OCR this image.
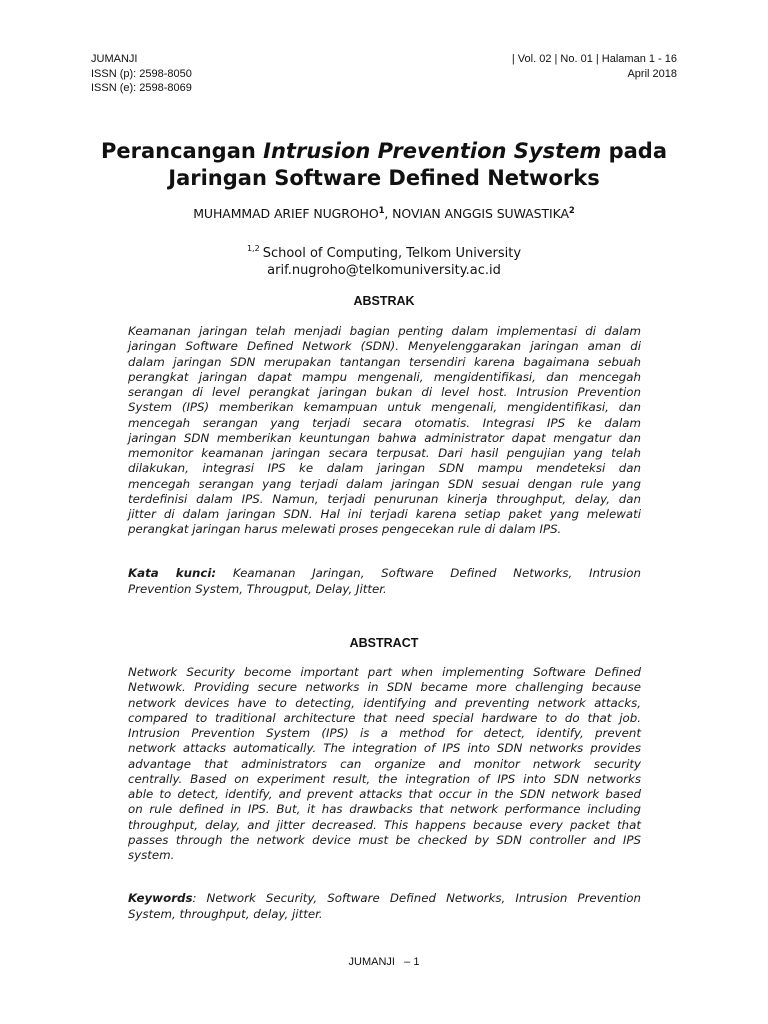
JUMANJI
ISSN (p): 2598-8050
ISSN (e): 2598-8069
| Vol. 02 | No. 01 | Halaman 1 - 16
April 2018
Perancangan Intrusion Prevention System pada
Jaringan Software Defined Networks
MUHAMMAD ARIEF NUGROHO$^1$, NOVIAN ANGGIS SUWASTIKA$^2$
$^{1,2}$ School of Computing, Telkom University
arif.nugroho@telkomuniversity.ac.id
ABSTRAK
Keamanan jaringan telah menjadi bagian penting dalam implementasi di dalam
jaringan Software Defined Network (SDN). Menyelenggarakan jaringan aman di
dalam jaringan SDN merupakan tantangan tersendiri karena bagaimana sebuah
perangkat jaringan dapat mampu mengenali, mengidentifikasi, dan mencegah
serangan di level perangkat jaringan bukan di level host. Intrusion Prevention
System (IPS) memberikan kemampuan untuk mengenali, mengidentifikasi, dan
mencegah serangan yang terjadi secara otomatis. Integrasi IPS ke dalam
jaringan SDN memberikan keuntungan bahwa administrator dapat mengatur dan
memonitor keamanan jaringan secara terpusat. Dari hasil pengujian yang telah
dilakukan, integrasi IPS ke dalam jaringan SDN mampu mendeteksi dan
mencegah serangan yang terjadi dalam jaringan SDN sesuai dengan rule yang
terdefinisi dalam IPS. Namun, terjadi penurunan kinerja throughput, delay, dan
jitter di dalam jaringan SDN. Hal ini terjadi karena setiap paket yang melewati
perangkat jaringan harus melewati proses pengecekan rule di dalam IPS.
Kata kunci: Keamanan Jaringan, Software Defined Networks, Intrusion
Prevention System, Througput, Delay, Jitter.
ABSTRACT
Network Security become important part when implementing Software Defined
Netwowk. Providing secure networks in SDN became more challenging because
network devices have to detecting, identifying and preventing network attacks,
compared to traditional architecture that need special hardware to do that job.
Intrusion Prevention System (IPS) is a method for detect, identify, prevent
network attacks automatically. The integration of IPS into SDN networks provides
advantage that administrators can organize and monitor network security
centrally. Based on experiment result, the integration of IPS into SDN networks
able to detect, identify, and prevent attacks that occur in the SDN network based
on rule defined in IPS. But, it has drawbacks that network performance including
throughput, delay, and jitter decreased. This happens because every packet that
passes through the network device must be checked by SDN controller and IPS
system.
Keywords: Network Security, Software Defined Networks, Intrusion Prevention
System, throughput, delay, jitter.
JUMANJI   – 1
